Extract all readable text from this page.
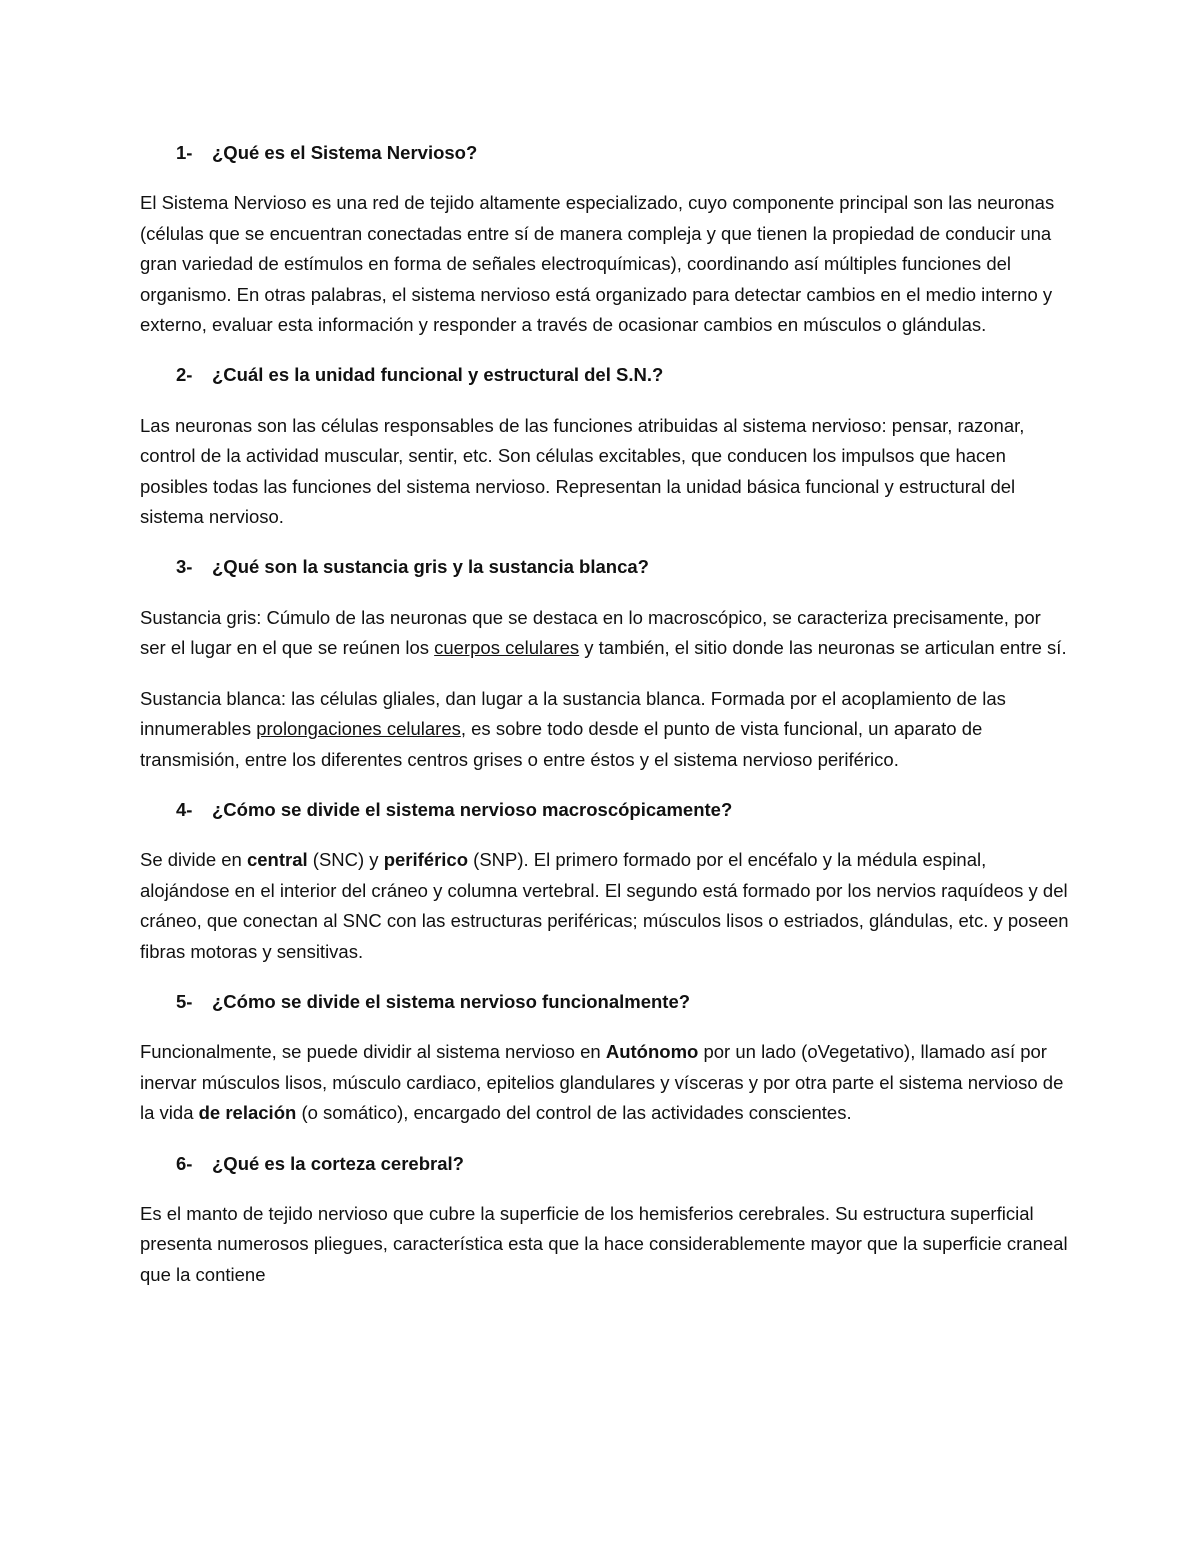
1-	¿Qué es el Sistema Nervioso?

El Sistema Nervioso es una red de tejido altamente especializado, cuyo componente principal son las neuronas (células que se encuentran conectadas entre sí de manera compleja y que tienen la propiedad de conducir una gran variedad de estímulos en forma de señales electroquímicas), coordinando así múltiples funciones del organismo. En otras palabras, el sistema nervioso está organizado para detectar cambios en el medio interno y externo, evaluar esta información y responder a través de ocasionar cambios en músculos o glándulas.

2-	¿Cuál es la unidad funcional y estructural del S.N.?

Las neuronas son las células responsables de las funciones atribuidas al sistema nervioso: pensar, razonar, control de la actividad muscular, sentir, etc. Son células excitables, que conducen los impulsos que hacen posibles todas las funciones del sistema nervioso. Representan la unidad básica funcional y estructural del sistema nervioso.

3-	¿Qué son la sustancia gris y la sustancia blanca?

Sustancia gris: Cúmulo de las neuronas que se destaca en lo macroscópico, se caracteriza precisamente, por ser el lugar en el que se reúnen los cuerpos celulares y también, el sitio donde las neuronas se articulan entre sí.

Sustancia blanca: las células gliales, dan lugar a la sustancia blanca. Formada por el acoplamiento de las innumerables prolongaciones celulares, es sobre todo desde el punto de vista funcional, un aparato de transmisión, entre los diferentes centros grises o entre éstos y el sistema nervioso periférico.

4-	¿Cómo se divide el sistema nervioso macroscópicamente?

Se divide en central (SNC) y periférico (SNP). El primero formado por el encéfalo y la médula espinal, alojándose en el interior del cráneo y columna vertebral. El segundo está formado por los nervios raquídeos y del cráneo, que conectan al SNC con las estructuras periféricas; músculos lisos o estriados, glándulas, etc. y poseen fibras motoras y sensitivas.

5-	¿Cómo se divide el sistema nervioso funcionalmente?

Funcionalmente, se puede dividir al sistema nervioso en Autónomo por un lado (oVegetativo), llamado así por inervar músculos lisos, músculo cardiaco, epitelios glandulares y vísceras y por otra parte el sistema nervioso de la vida de relación (o somático), encargado del control de las actividades conscientes.

6-	¿Qué es la corteza cerebral?

Es el manto de tejido nervioso que cubre la superficie de los hemisferios cerebrales. Su estructura superficial presenta numerosos pliegues, característica esta que la hace considerablemente mayor que la superficie craneal que la contiene
